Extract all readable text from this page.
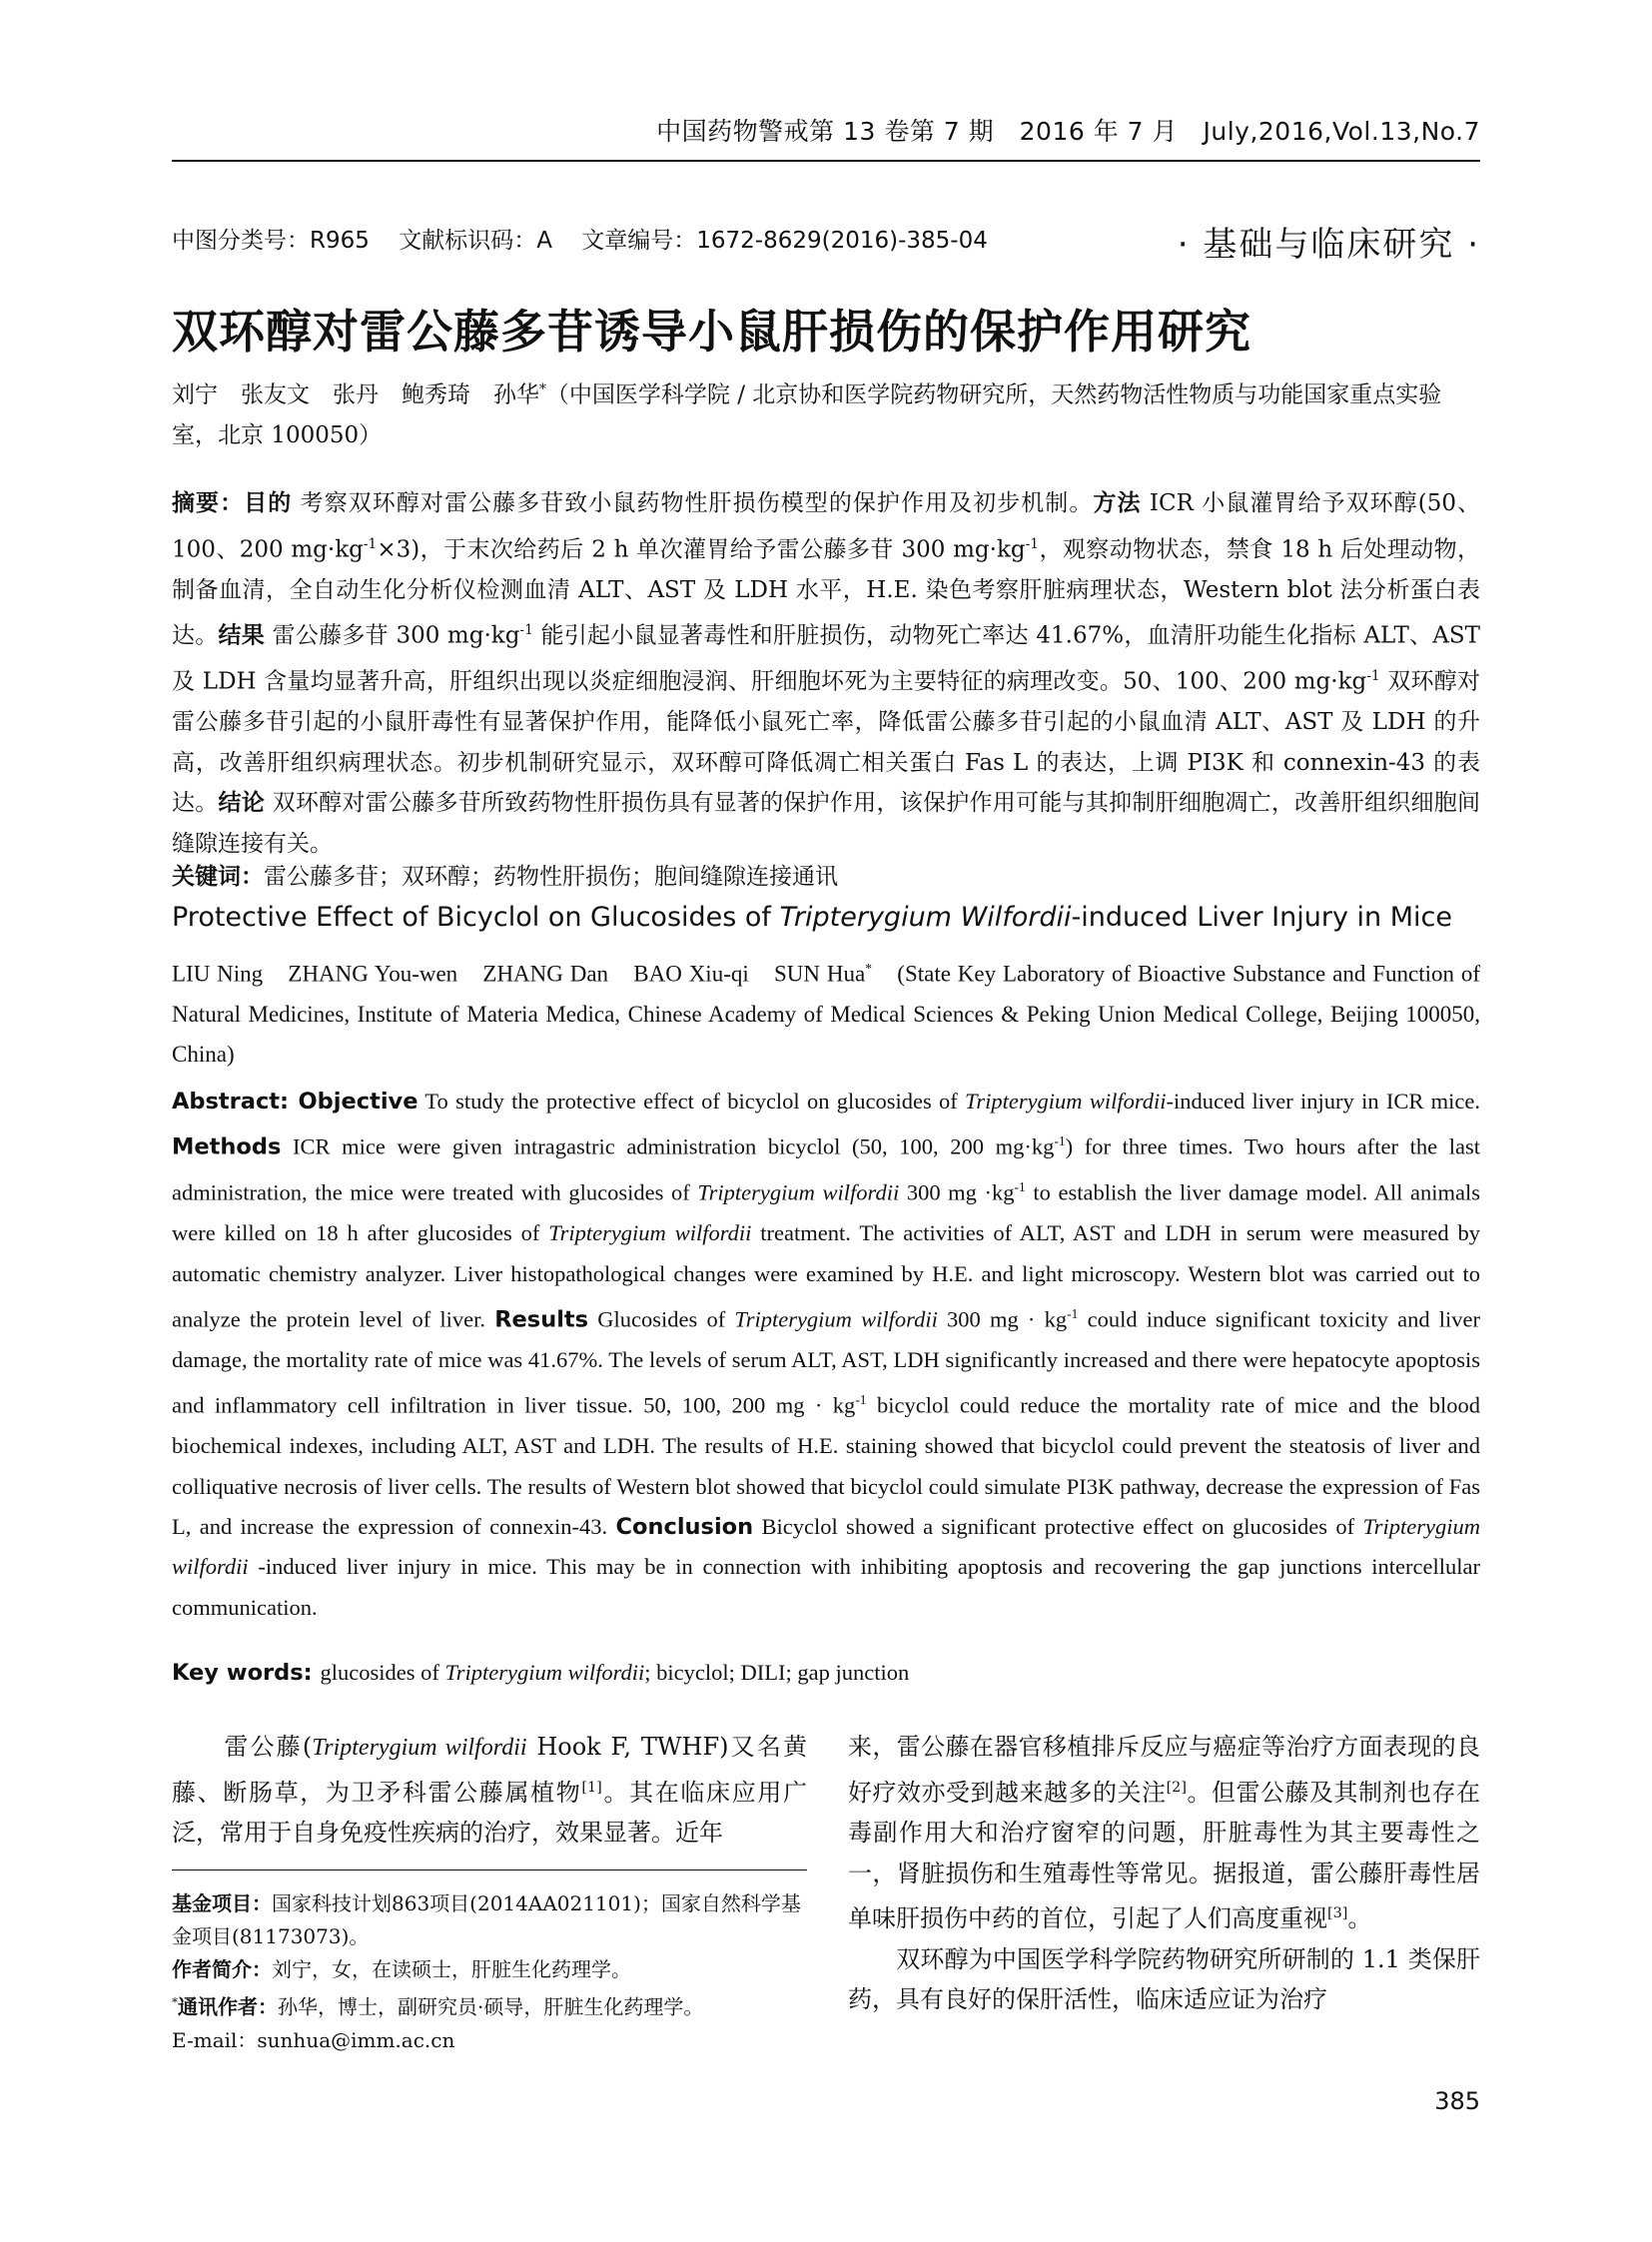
中国药物警戒第 13 卷第 7 期　2016 年 7 月　July,2016,Vol.13,No.7
中图分类号：R965 文献标识码：A 文章编号：1672-8629(2016)-385-04	· 基础与临床研究 ·
双环醇对雷公藤多苷诱导小鼠肝损伤的保护作用研究
刘宁　张友文　张丹　鲍秀琦　孙华*（中国医学科学院 / 北京协和医学院药物研究所，天然药物活性物质与功能国家重点实验室，北京 100050）
摘要：目的 考察双环醇对雷公藤多苷致小鼠药物性肝损伤模型的保护作用及初步机制。方法 ICR 小鼠灌胃给予双环醇(50、100、200 $mg\cdot kg^{-1}\times 3$)，于末次给药后 2 h 单次灌胃给予雷公藤多苷 300 $mg\cdot kg^{-1}$，观察动物状态，禁食 18 h 后处理动物，制备血清，全自动生化分析仪检测血清 ALT、AST 及 LDH 水平，H.E. 染色考察肝脏病理状态，Western blot 法分析蛋白表达。结果 雷公藤多苷 300 $mg\cdot kg^{-1}$ 能引起小鼠显著毒性和肝脏损伤，动物死亡率达 41.67%，血清肝功能生化指标 ALT、AST 及 LDH 含量均显著升高，肝组织出现以炎症细胞浸润、肝细胞坏死为主要特征的病理改变。50、100、200 $mg\cdot kg^{-1}$ 双环醇对雷公藤多苷引起的小鼠肝毒性有显著保护作用，能降低小鼠死亡率，降低雷公藤多苷引起的小鼠血清 ALT、AST 及 LDH 的升高，改善肝组织病理状态。初步机制研究显示，双环醇可降低凋亡相关蛋白 Fas L 的表达，上调 PI3K 和 connexin-43 的表达。结论 双环醇对雷公藤多苷所致药物性肝损伤具有显著的保护作用，该保护作用可能与其抑制肝细胞凋亡，改善肝组织细胞间缝隙连接有关。
关键词：雷公藤多苷；双环醇；药物性肝损伤；胞间缝隙连接通讯
Protective Effect of Bicyclol on Glucosides of Tripterygium Wilfordii-induced Liver Injury in Mice
LIU Ning　ZHANG You-wen　ZHANG Dan　BAO Xiu-qi　SUN Hua*　(State Key Laboratory of Bioactive Substance and Function of Natural Medicines, Institute of Materia Medica, Chinese Academy of Medical Sciences & Peking Union Medical College, Beijing 100050, China)
Abstract: Objective To study the protective effect of bicyclol on glucosides of Tripterygium wilfordii-induced liver injury in ICR mice. Methods ICR mice were given intragastric administration bicyclol (50, 100, 200 $mg\cdot kg^{-1}$) for three times. Two hours after the last administration, the mice were treated with glucosides of Tripterygium wilfordii 300 mg $\cdot kg^{-1}$ to establish the liver damage model. All animals were killed on 18 h after glucosides of Tripterygium wilfordii treatment. The activities of ALT, AST and LDH in serum were measured by automatic chemistry analyzer. Liver histopathological changes were examined by H.E. and light microscopy. Western blot was carried out to analyze the protein level of liver. Results Glucosides of Tripterygium wilfordii 300 mg · $kg^{-1}$ could induce significant toxicity and liver damage, the mortality rate of mice was 41.67%. The levels of serum ALT, AST, LDH significantly increased and there were hepatocyte apoptosis and inflammatory cell infiltration in liver tissue. 50, 100, 200 mg · $kg^{-1}$ bicyclol could reduce the mortality rate of mice and the blood biochemical indexes, including ALT, AST and LDH. The results of H.E. staining showed that bicyclol could prevent the steatosis of liver and colliquative necrosis of liver cells. The results of Western blot showed that bicyclol could simulate PI3K pathway, decrease the expression of Fas L, and increase the expression of connexin-43. Conclusion Bicyclol showed a significant protective effect on glucosides of Tripterygium wilfordii -induced liver injury in mice. This may be in connection with inhibiting apoptosis and recovering the gap junctions intercellular communication.
Key words: glucosides of Tripterygium wilfordii; bicyclol; DILI; gap junction
　　雷公藤(Tripterygium wilfordii Hook F, TWHF)又名黄藤、断肠草，为卫矛科雷公藤属植物[1]。其在临床应用广泛，常用于自身免疫性疾病的治疗，效果显著。近年
基金项目：国家科技计划863项目(2014AA021101)；国家自然科学基金项目(81173073)。
作者简介：刘宁，女，在读硕士，肝脏生化药理学。
*通讯作者：孙华，博士，副研究员·硕导，肝脏生化药理学。
E-mail：sunhua@imm.ac.cn
来，雷公藤在器官移植排斥反应与癌症等治疗方面表现的良好疗效亦受到越来越多的关注[2]。但雷公藤及其制剂也存在毒副作用大和治疗窗窄的问题，肝脏毒性为其主要毒性之一，肾脏损伤和生殖毒性等常见。据报道，雷公藤肝毒性居单味肝损伤中药的首位，引起了人们高度重视[3]。
　　双环醇为中国医学科学院药物研究所研制的 1.1 类保肝药，具有良好的保肝活性，临床适应证为治疗
385
